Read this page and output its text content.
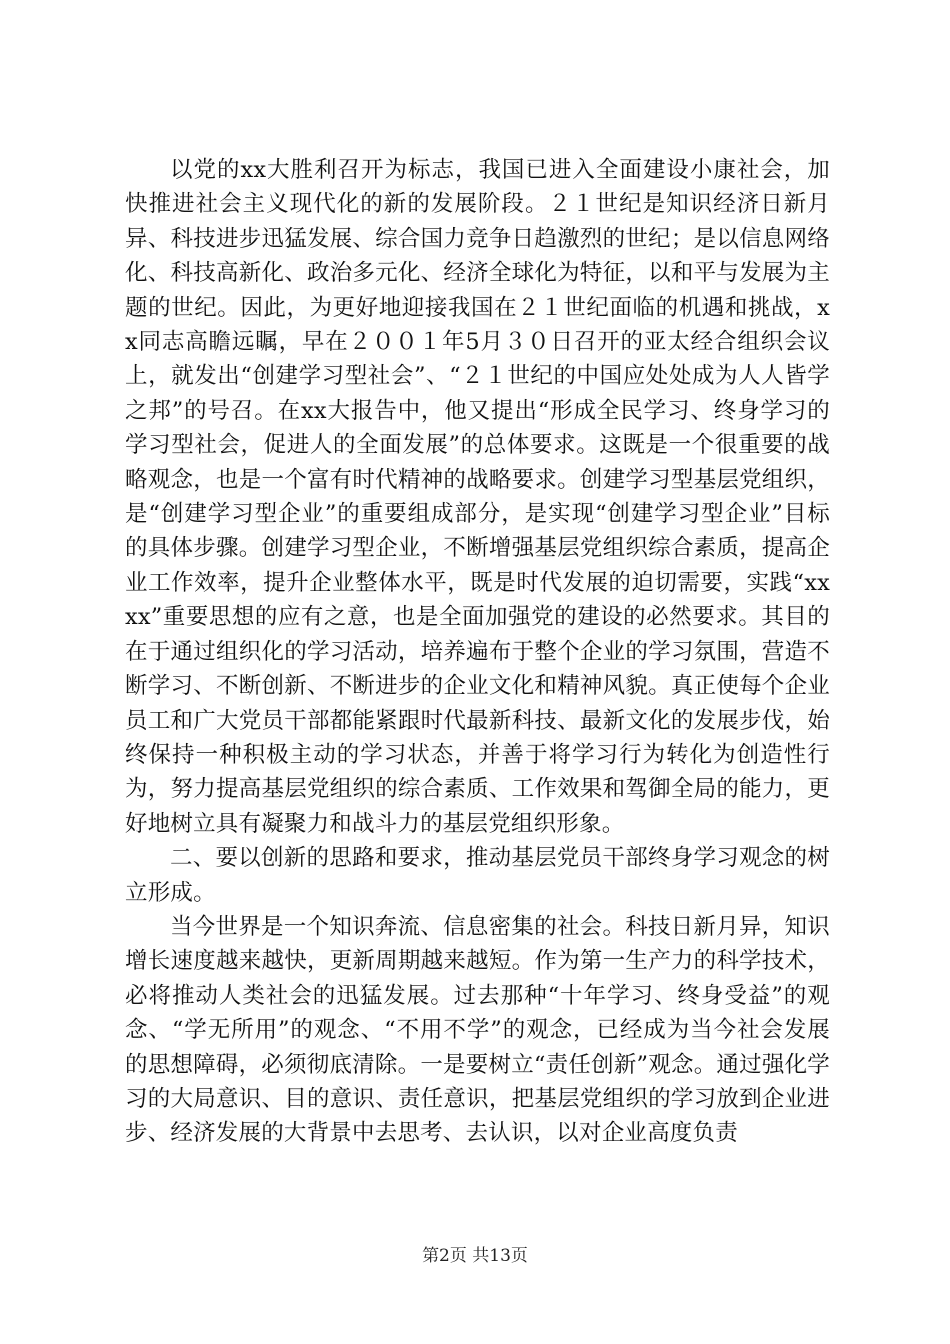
以党的xx大胜利召开为标志，我国已进入全面建设小康社会，加快推进社会主义现代化的新的发展阶段。２１世纪是知识经济日新月异、科技进步迅猛发展、综合国力竞争日趋激烈的世纪；是以信息网络化、科技高新化、政治多元化、经济全球化为特征，以和平与发展为主题的世纪。因此，为更好地迎接我国在２１世纪面临的机遇和挑战，xx同志高瞻远瞩，早在２００１年5月３０日召开的亚太经合组织会议上，就发出“创建学习型社会”、“２１世纪的中国应处处成为人人皆学之邦”的号召。在xx大报告中，他又提出“形成全民学习、终身学习的学习型社会，促进人的全面发展”的总体要求。这既是一个很重要的战略观念，也是一个富有时代精神的战略要求。创建学习型基层党组织，是“创建学习型企业”的重要组成部分，是实现“创建学习型企业”目标的具体步骤。创建学习型企业，不断增强基层党组织综合素质，提高企业工作效率，提升企业整体水平，既是时代发展的迫切需要，实践“xxxx”重要思想的应有之意，也是全面加强党的建设的必然要求。其目的在于通过组织化的学习活动，培养遍布于整个企业的学习氛围，营造不断学习、不断创新、不断进步的企业文化和精神风貌。真正使每个企业员工和广大党员干部都能紧跟时代最新科技、最新文化的发展步伐，始终保持一种积极主动的学习状态，并善于将学习行为转化为创造性行为，努力提高基层党组织的综合素质、工作效果和驾御全局的能力，更好地树立具有凝聚力和战斗力的基层党组织形象。

二、要以创新的思路和要求，推动基层党员干部终身学习观念的树立形成。

当今世界是一个知识奔流、信息密集的社会。科技日新月异，知识增长速度越来越快，更新周期越来越短。作为第一生产力的科学技术，必将推动人类社会的迅猛发展。过去那种“十年学习、终身受益”的观念、“学无所用”的观念、“不用不学”的观念，已经成为当今社会发展的思想障碍，必须彻底清除。一是要树立“责任创新”观念。通过强化学习的大局意识、目的意识、责任意识，把基层党组织的学习放到企业进步、经济发展的大背景中去思考、去认识，以对企业高度负责

第2页 共13页
